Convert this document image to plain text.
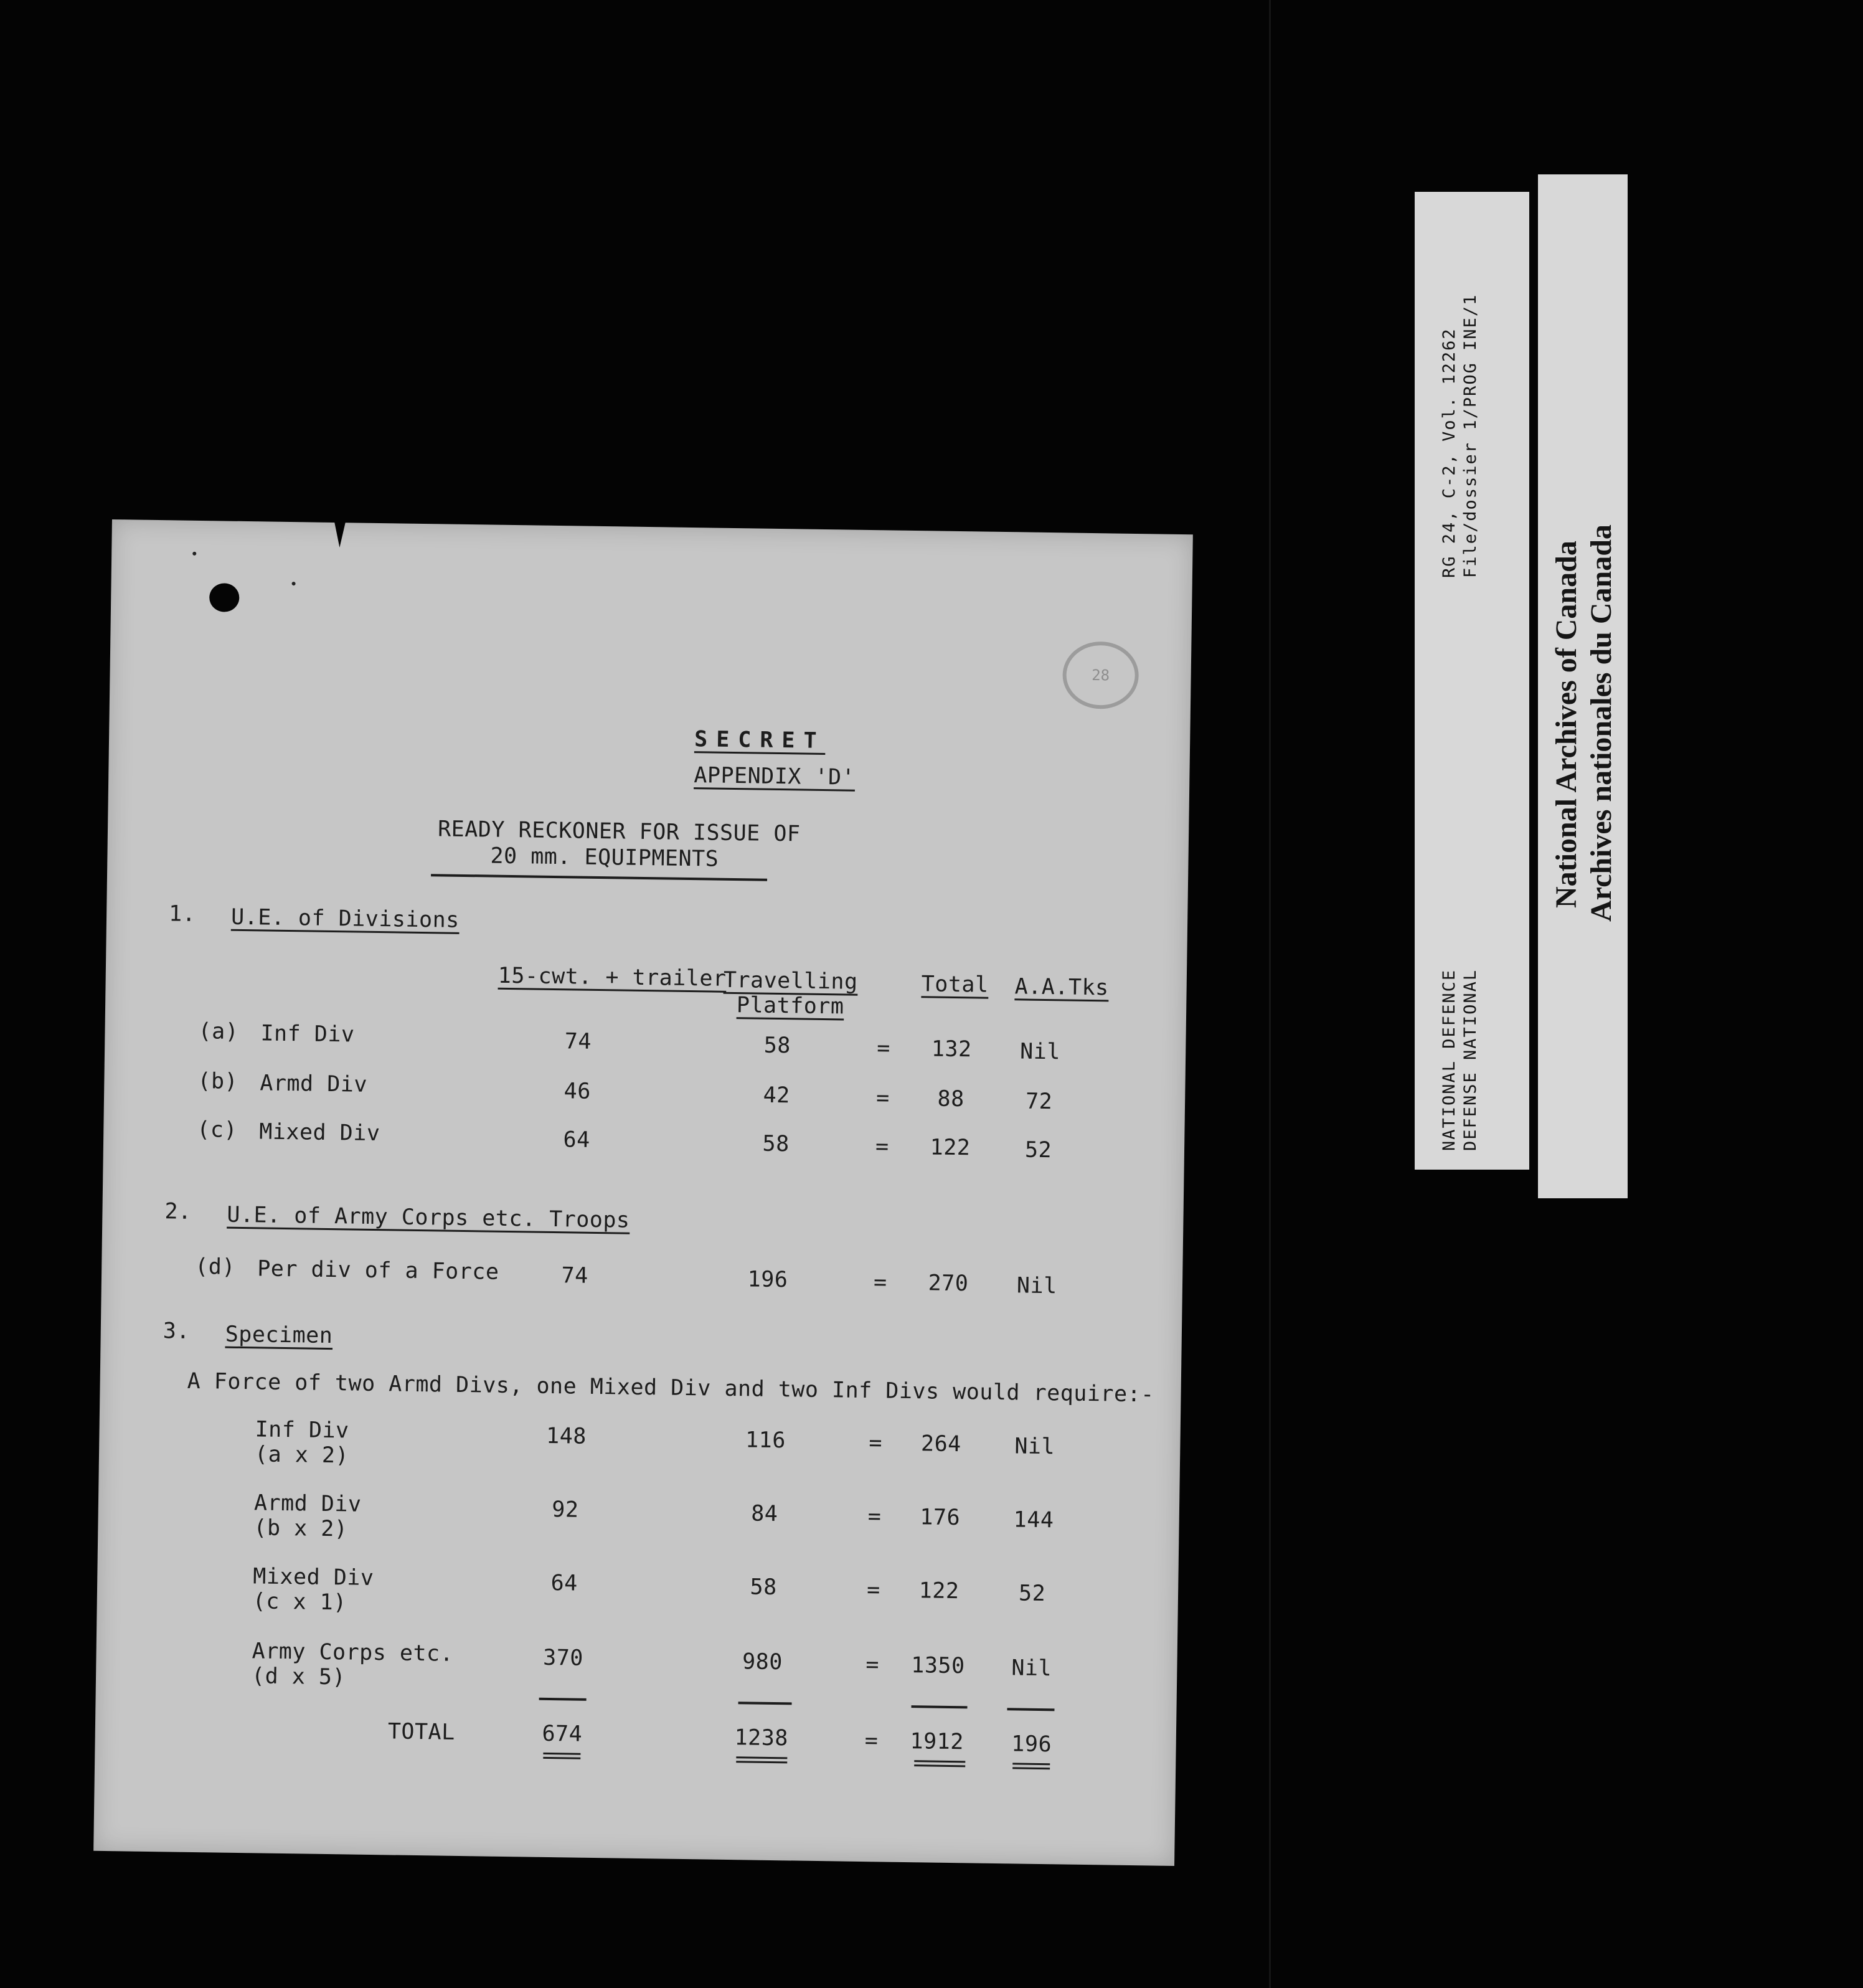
28
SECRET
APPENDIX 'D'
READY RECKONER FOR ISSUE OF
20 mm. EQUIPMENTS
1. U.E. of Divisions
15-cwt. + trailer
Travelling
Platform
Total A.A.Tks
(a) Inf Div	74	58	=	132	Nil
(b) Armd Div	46	42	=	88	72
(c) Mixed Div	64	58	=	122	52
2. U.E. of Army Corps etc. Troops
(d) Per div of a Force	74	196	=	270	Nil
3. Specimen
A Force of two Armd Divs, one Mixed Div and two Inf Divs would require:-
Inf Div
(a x 2)
148	116	=	264	Nil
Armd Div
(b x 2)
92	84	=	176	144
Mixed Div
(c x 1)
64	58	=	122	52
Army Corps etc.
(d x 5)
370	980	=	1350	Nil
TOTAL	674	1238	=	1912	196
RG 24, C-2, Vol. 12262 File/dossier 1/PROG INE/1
NATIONAL DEFENCE DEFENSE NATIONAL
National Archives of Canada Archives nationales du Canada
